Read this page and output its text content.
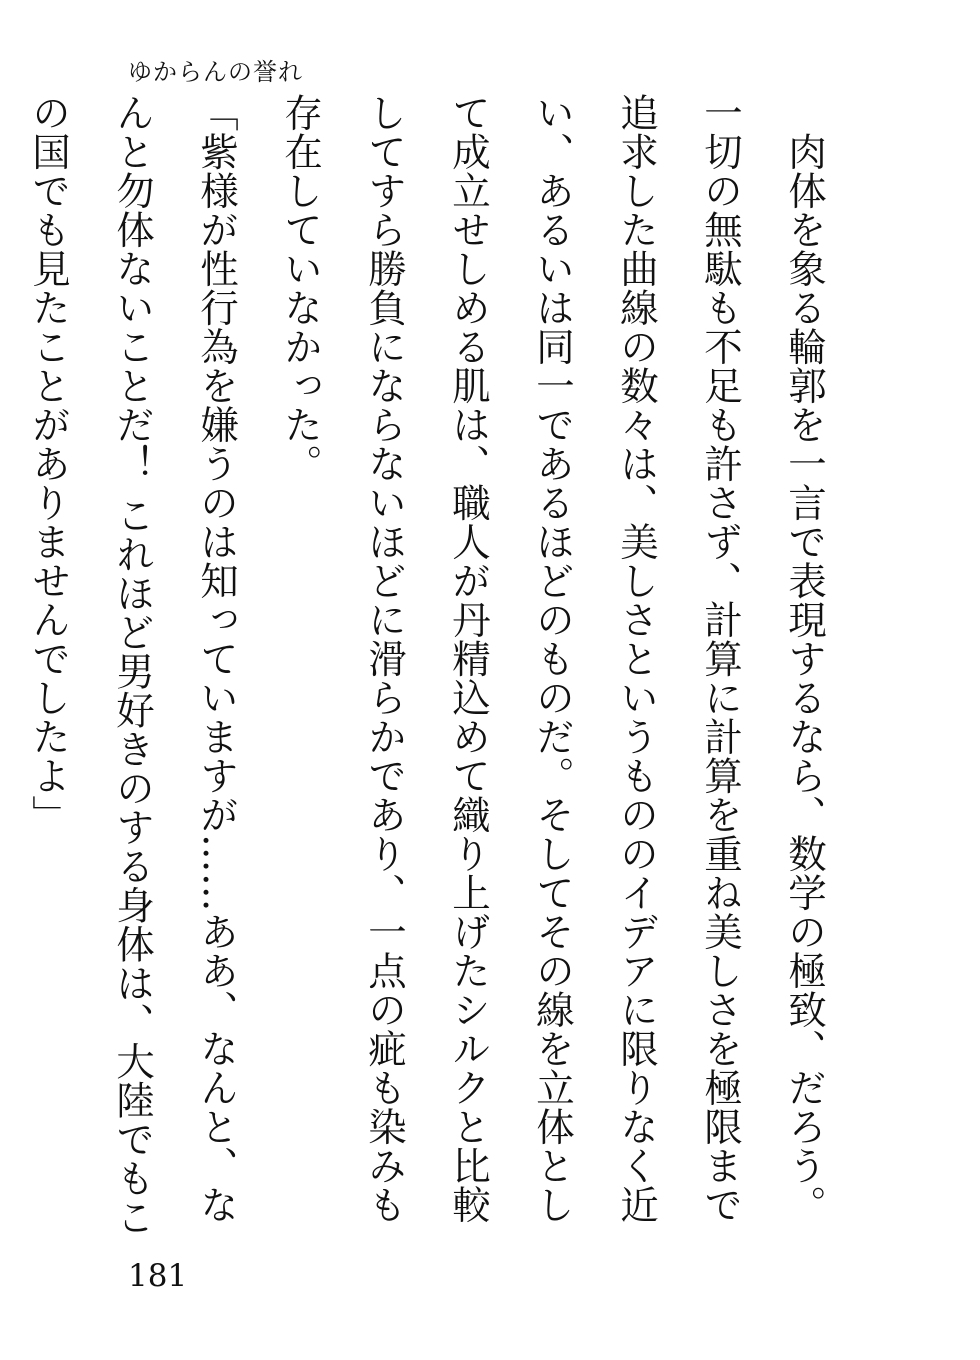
ゆからんの誉れ

肉体を象る輪郭を一言で表現するなら、数学の極致、だろう。一切の無駄も不足も許さず、計算に計算を重ね美しさを極限まで追求した曲線の数々は、美しさというもののイデアに限りなく近い、あるいは同一であるほどのものだ。そしてその線を立体として成立せしめる肌は、職人が丹精込めて織り上げたシルクと比較してすら勝負にならないほどに滑らかであり、一点の疵も染みも存在していなかった。

「紫様が性行為を嫌うのは知っていますが……ああ、なんと、なんと勿体ないことだ！ これほど男好きのする身体は、大陸でもこの国でも見たことがありませんでしたよ」

181
